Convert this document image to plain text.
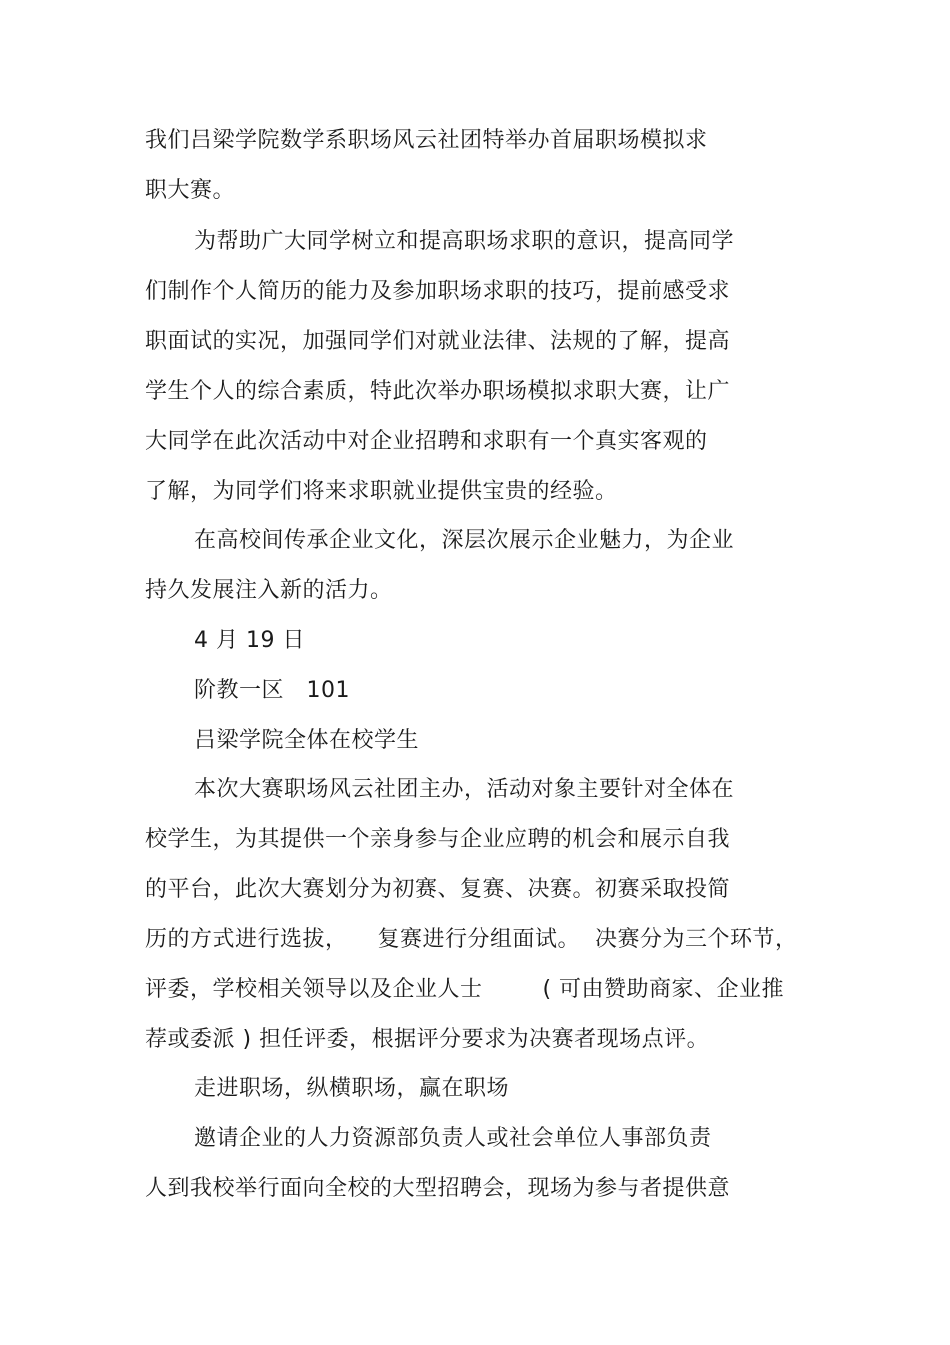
我们吕梁学院数学系职场风云社团特举办首届职场模拟求
职大赛。
为帮助广大同学树立和提高职场求职的意识，提高同学
们制作个人简历的能力及参加职场求职的技巧，提前感受求
职面试的实况，加强同学们对就业法律、法规的了解，提高
学生个人的综合素质，特此次举办职场模拟求职大赛，让广
大同学在此次活动中对企业招聘和求职有一个真实客观的
了解，为同学们将来求职就业提供宝贵的经验。
在高校间传承企业文化，深层次展示企业魅力，为企业
持久发展注入新的活力。
4 月 19 日
阶教一区   101
吕梁学院全体在校学生
本次大赛职场风云社团主办，活动对象主要针对全体在
校学生，为其提供一个亲身参与企业应聘的机会和展示自我
的平台，此次大赛划分为初赛、复赛、决赛。初赛采取投简
历的方式进行选拔，    复赛进行分组面试。  决赛分为三个环节，
评委，学校相关领导以及企业人士        ( 可由赞助商家、企业推
荐或委派 ) 担任评委，根据评分要求为决赛者现场点评。
走进职场，纵横职场，赢在职场
邀请企业的人力资源部负责人或社会单位人事部负责
人到我校举行面向全校的大型招聘会，现场为参与者提供意
